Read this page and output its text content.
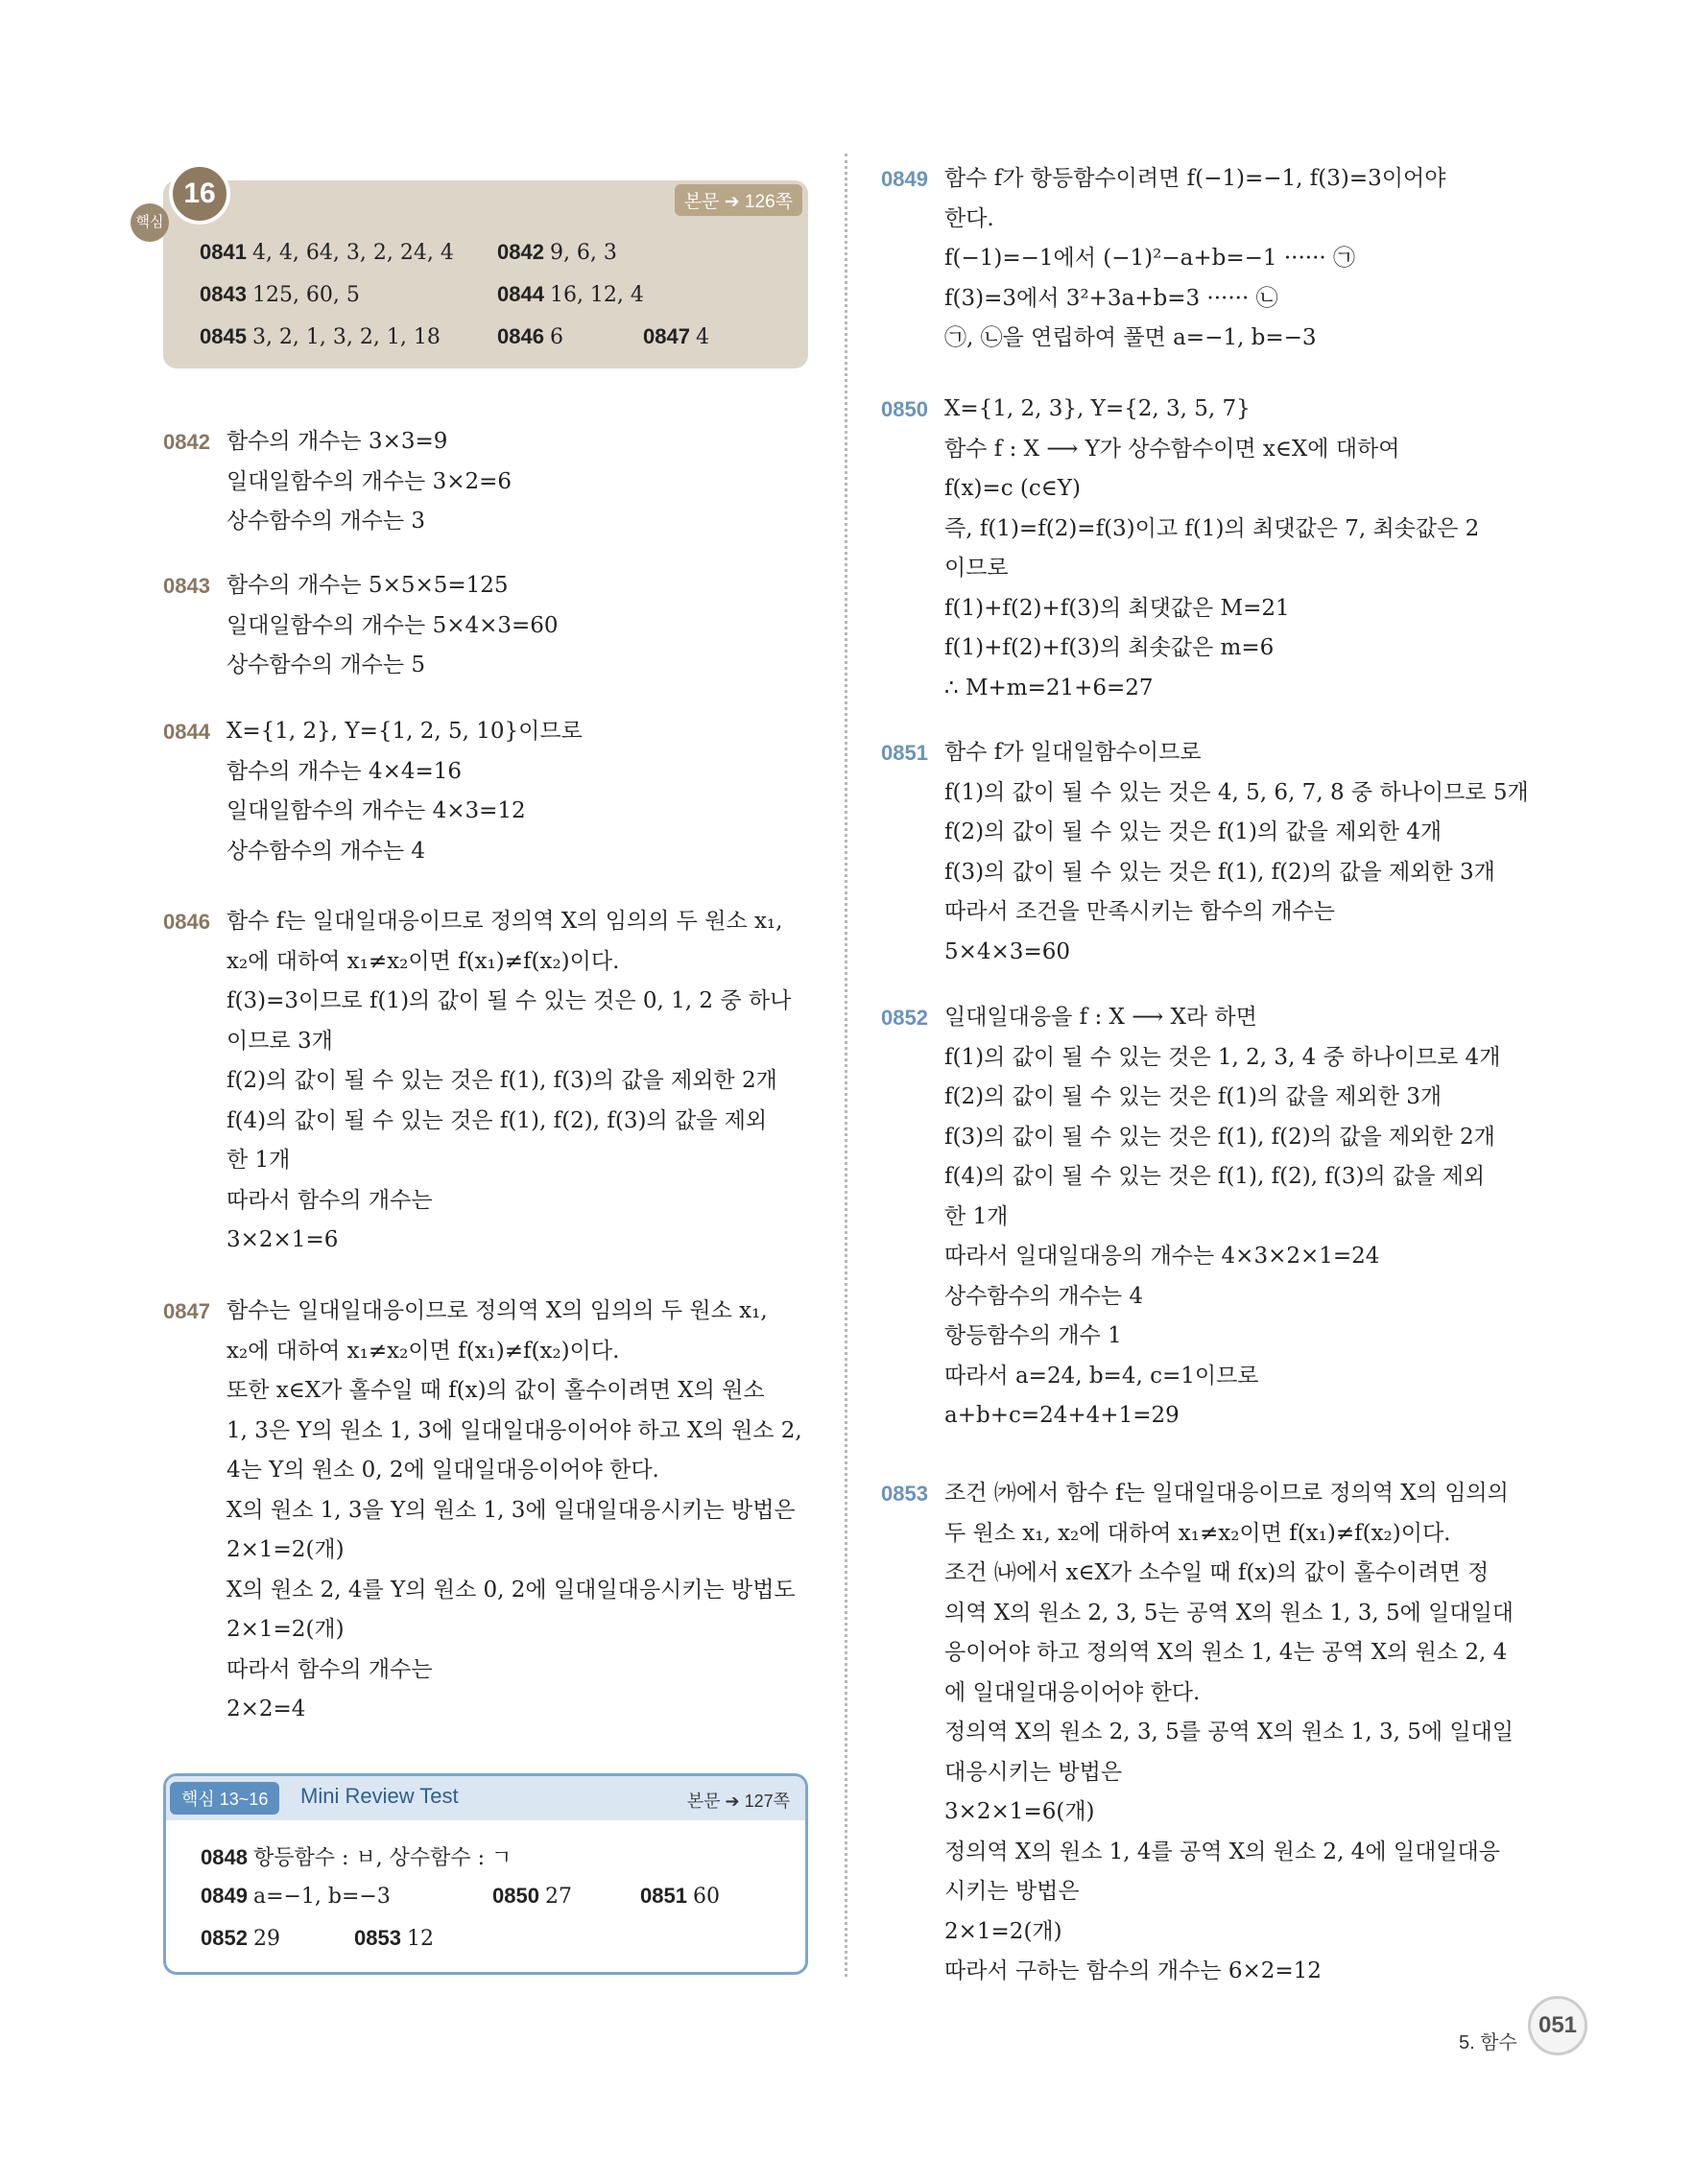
핵심
16	본문 ➔ 126쪽
0841 4, 4, 64, 3, 2, 24, 4 0842 9, 6, 3
0843 125, 60, 5	0844 16, 12, 4
0845 3, 2, 1, 3, 2, 1, 18	0846 6	0847 4
0842 함수의 개수는 3×3=9
일대일함수의 개수는 3×2=6
상수함수의 개수는 3
0843 함수의 개수는 5×5×5=125
일대일함수의 개수는 5×4×3=60
상수함수의 개수는 5
0844 X={1, 2}, Y={1, 2, 5, 10}이므로
함수의 개수는 4×4=16
일대일함수의 개수는 4×3=12
상수함수의 개수는 4
0846 함수 f는 일대일대응이므로 정의역 X의 임의의 두 원소 x₁,
x₂에 대하여 x₁≠x₂이면 f(x₁)≠f(x₂)이다.
f(3)=3이므로 f(1)의 값이 될 수 있는 것은 0, 1, 2 중 하나
이므로 3개
f(2)의 값이 될 수 있는 것은 f(1), f(3)의 값을 제외한 2개
f(4)의 값이 될 수 있는 것은 f(1), f(2), f(3)의 값을 제외
한 1개
따라서 함수의 개수는
3×2×1=6
0847 함수는 일대일대응이므로 정의역 X의 임의의 두 원소 x₁,
x₂에 대하여 x₁≠x₂이면 f(x₁)≠f(x₂)이다.
또한 x∈X가 홀수일 때 f(x)의 값이 홀수이려면 X의 원소
1, 3은 Y의 원소 1, 3에 일대일대응이어야 하고 X의 원소 2,
4는 Y의 원소 0, 2에 일대일대응이어야 한다.
X의 원소 1, 3을 Y의 원소 1, 3에 일대일대응시키는 방법은
2×1=2(개)
X의 원소 2, 4를 Y의 원소 0, 2에 일대일대응시키는 방법도
2×1=2(개)
따라서 함수의 개수는
2×2=4
핵심 13~16	Mini Review Test	본문 ➔ 127쪽
0848 항등함수 : ㅂ, 상수함수 : ㄱ
0849 a=−1, b=−3	0850 27	0851 60
0852 29	0853 12
0849 함수 f가 항등함수이려면 f(−1)=−1, f(3)=3이어야
한다.
f(−1)=−1에서 (−1)²−a+b=−1 ······ ㉠
f(3)=3에서 3²+3a+b=3 ······ ㉡
㉠, ㉡을 연립하여 풀면 a=−1, b=−3
0850 X={1, 2, 3}, Y={2, 3, 5, 7}
함수 f : X ⟶ Y가 상수함수이면 x∈X에 대하여
f(x)=c (c∈Y)
즉, f(1)=f(2)=f(3)이고 f(1)의 최댓값은 7, 최솟값은 2
이므로
f(1)+f(2)+f(3)의 최댓값은 M=21
f(1)+f(2)+f(3)의 최솟값은 m=6
∴ M+m=21+6=27
0851 함수 f가 일대일함수이므로
f(1)의 값이 될 수 있는 것은 4, 5, 6, 7, 8 중 하나이므로 5개
f(2)의 값이 될 수 있는 것은 f(1)의 값을 제외한 4개
f(3)의 값이 될 수 있는 것은 f(1), f(2)의 값을 제외한 3개
따라서 조건을 만족시키는 함수의 개수는
5×4×3=60
0852 일대일대응을 f : X ⟶ X라 하면
f(1)의 값이 될 수 있는 것은 1, 2, 3, 4 중 하나이므로 4개
f(2)의 값이 될 수 있는 것은 f(1)의 값을 제외한 3개
f(3)의 값이 될 수 있는 것은 f(1), f(2)의 값을 제외한 2개
f(4)의 값이 될 수 있는 것은 f(1), f(2), f(3)의 값을 제외
한 1개
따라서 일대일대응의 개수는 4×3×2×1=24
상수함수의 개수는 4
항등함수의 개수 1
따라서 a=24, b=4, c=1이므로
a+b+c=24+4+1=29
0853 조건 ㈎에서 함수 f는 일대일대응이므로 정의역 X의 임의의
두 원소 x₁, x₂에 대하여 x₁≠x₂이면 f(x₁)≠f(x₂)이다.
조건 ㈏에서 x∈X가 소수일 때 f(x)의 값이 홀수이려면 정
의역 X의 원소 2, 3, 5는 공역 X의 원소 1, 3, 5에 일대일대
응이어야 하고 정의역 X의 원소 1, 4는 공역 X의 원소 2, 4
에 일대일대응이어야 한다.
정의역 X의 원소 2, 3, 5를 공역 X의 원소 1, 3, 5에 일대일
대응시키는 방법은
3×2×1=6(개)
정의역 X의 원소 1, 4를 공역 X의 원소 2, 4에 일대일대응
시키는 방법은
2×1=2(개)
따라서 구하는 함수의 개수는 6×2=12
5. 함수
051
